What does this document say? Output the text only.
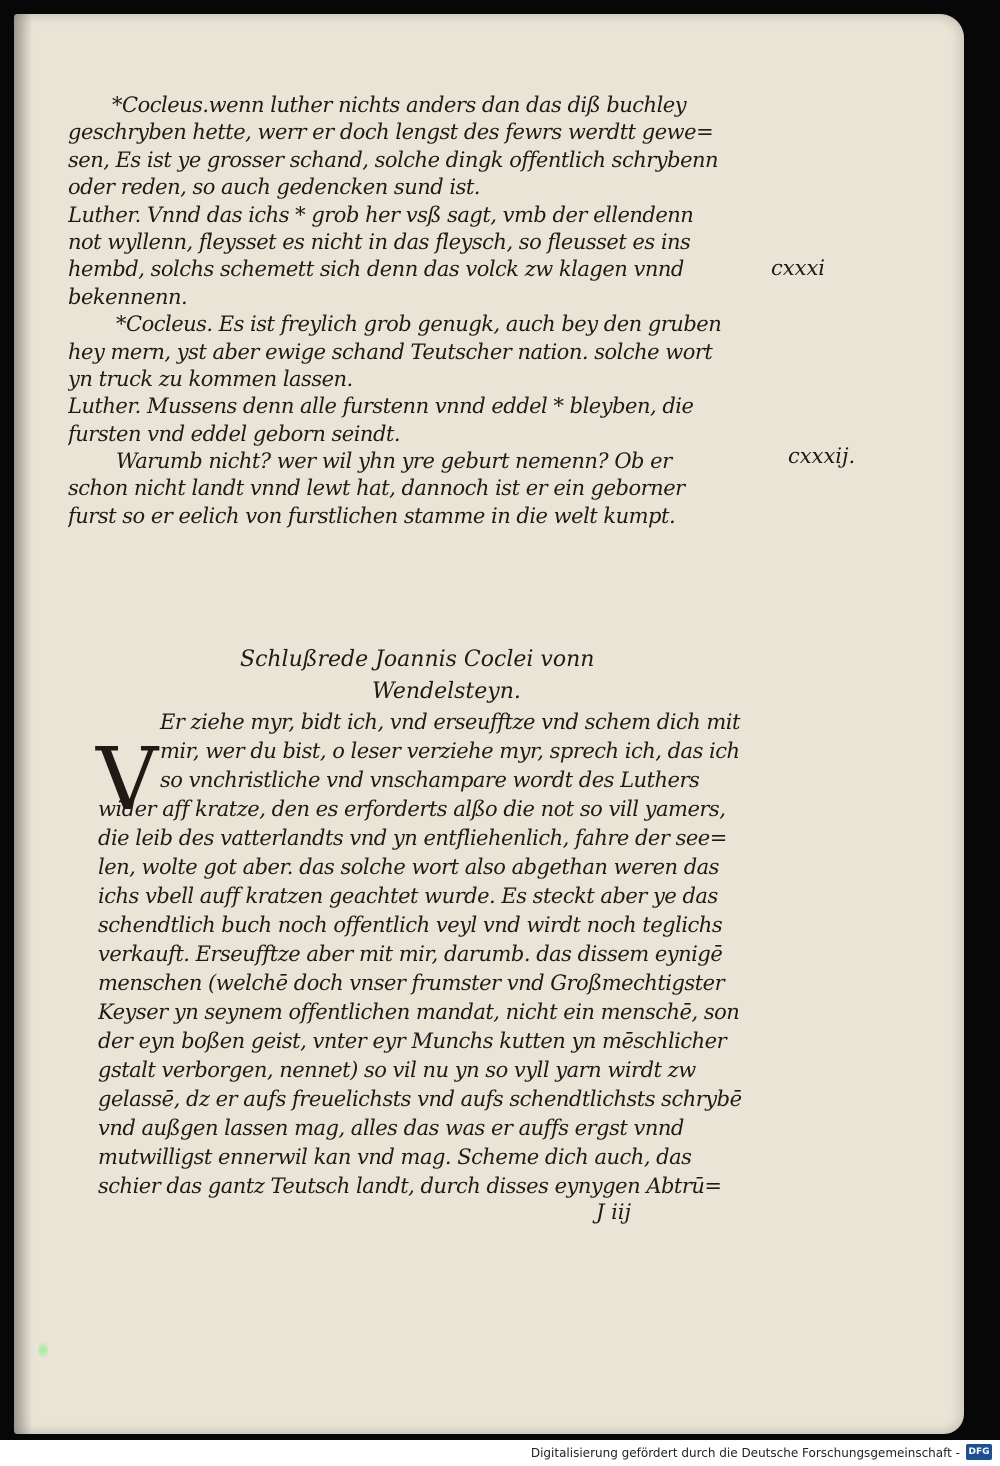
*Cocleus.wenn luther nichts anders dan das diß buchley
geschryben hette, werr er doch lengst des fewrs werdtt gewe=
sen, Es ist ye grosser schand, solche dingk offentlich schrybenn
oder reden, so auch gedencken sund ist.
Luther. Vnnd das ichs * grob her vsß sagt, vmb der ellendenn
not wyllenn, fleysset es nicht in das fleysch, so fleusset es ins
hembd, solchs schemett sich denn das volck zw klagen vnnd
bekennenn.
*Cocleus. Es ist freylich grob genugk, auch bey den gruben
hey mern, yst aber ewige schand Teutscher nation. solche wort
yn truck zu kommen lassen.
Luther. Mussens denn alle furstenn vnnd eddel * bleyben, die
fursten vnd eddel geborn seindt.
Warumb nicht? wer wil yhn yre geburt nemenn? Ob er
schon nicht landt vnnd lewt hat, dannoch ist er ein geborner
furst so er eelich von furstlichen stamme in die welt kumpt.
cxxxi
cxxxij.
Schlußrede Joannis Coclei vonn
Wendelsteyn.
V
Er ziehe myr, bidt ich, vnd erseufftze vnd schem dich mit
mir, wer du bist, o leser verziehe myr, sprech ich, das ich
so vnchristliche vnd vnschampare wordt des Luthers
wider aff kratze, den es erforderts alßo die not so vill yamers,
die leib des vatterlandts vnd yn entfliehenlich, fahre der see=
len, wolte got aber. das solche wort also abgethan weren das
ichs vbell auff kratzen geachtet wurde. Es steckt aber ye das
schendtlich buch noch offentlich veyl vnd wirdt noch teglichs
verkauft. Erseufftze aber mit mir, darumb. das dissem eynigē
menschen (welchē doch vnser frumster vnd Großmechtigster
Keyser yn seynem offentlichen mandat, nicht ein menschē, son
der eyn boßen geist, vnter eyr Munchs kutten yn mēschlicher
gstalt verborgen, nennet) so vil nu yn so vyll yarn wirdt zw
gelassē, dz er aufs freuelichsts vnd aufs schendtlichsts schrybē
vnd außgen lassen mag, alles das was er auffs ergst vnnd
mutwilligst ennerwil kan vnd mag. Scheme dich auch, das
schier das gantz Teutsch landt, durch disses eynygen Abtrū=
J iij
Digitalisierung gefördert durch die Deutsche Forschungsgemeinschaft - DFG
